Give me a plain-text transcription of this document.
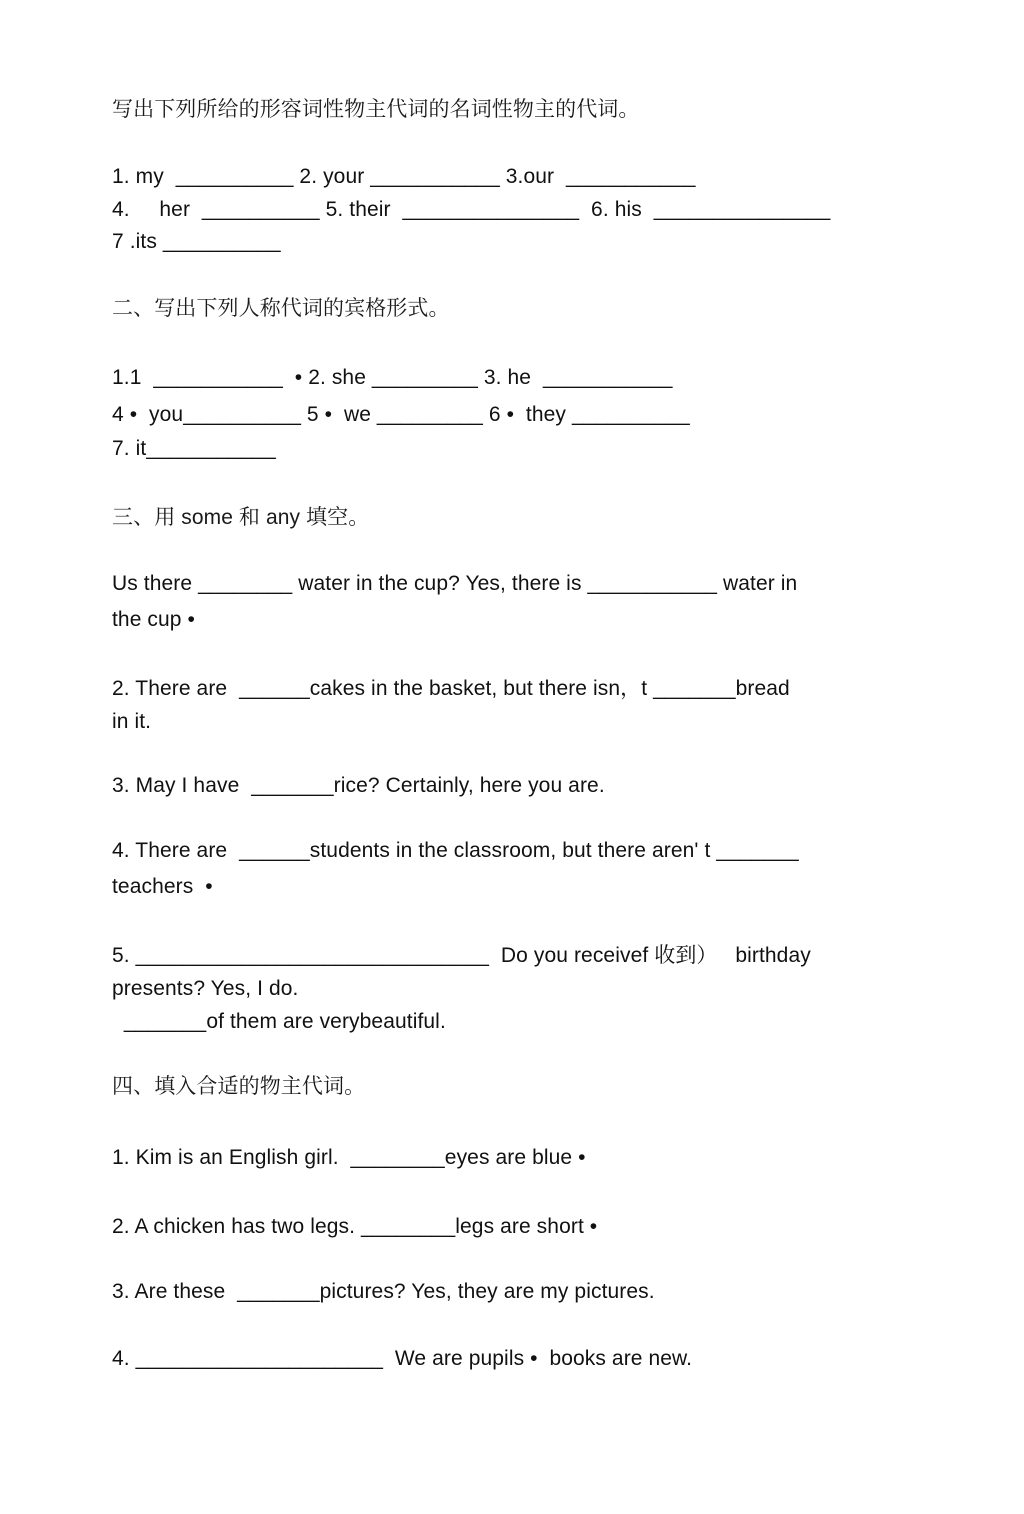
写出下列所给的形容词性物主代词的名词性物主的代词。
1. my  __________ 2. your ___________ 3.our  ___________
4.     her  __________ 5. their  _______________  6. his  _______________
7 .its __________
二、写出下列人称代词的宾格形式。
1.1  ___________  • 2. she _________ 3. he  ___________
4 •  you__________ 5 •  we _________ 6 •  they __________
7. it___________
三、用 some 和 any 填空。
Us there ________ water in the cup? Yes, there is ___________ water in
the cup •
2. There are  ______cakes in the basket, but there isn，t _______bread
in it.
3. May I have  _______rice? Certainly, here you are.
4. There are  ______students in the classroom, but there aren' t _______
teachers  •
5. ______________________________  Do you receivef 收到）   birthday
presents? Yes, I do.
_______of them are verybeautiful.
四、填入合适的物主代词。
1. Kim is an English girl.  ________eyes are blue •
2. A chicken has two legs. ________legs are short •
3. Are these  _______pictures? Yes, they are my pictures.
4. _____________________  We are pupils •  books are new.
